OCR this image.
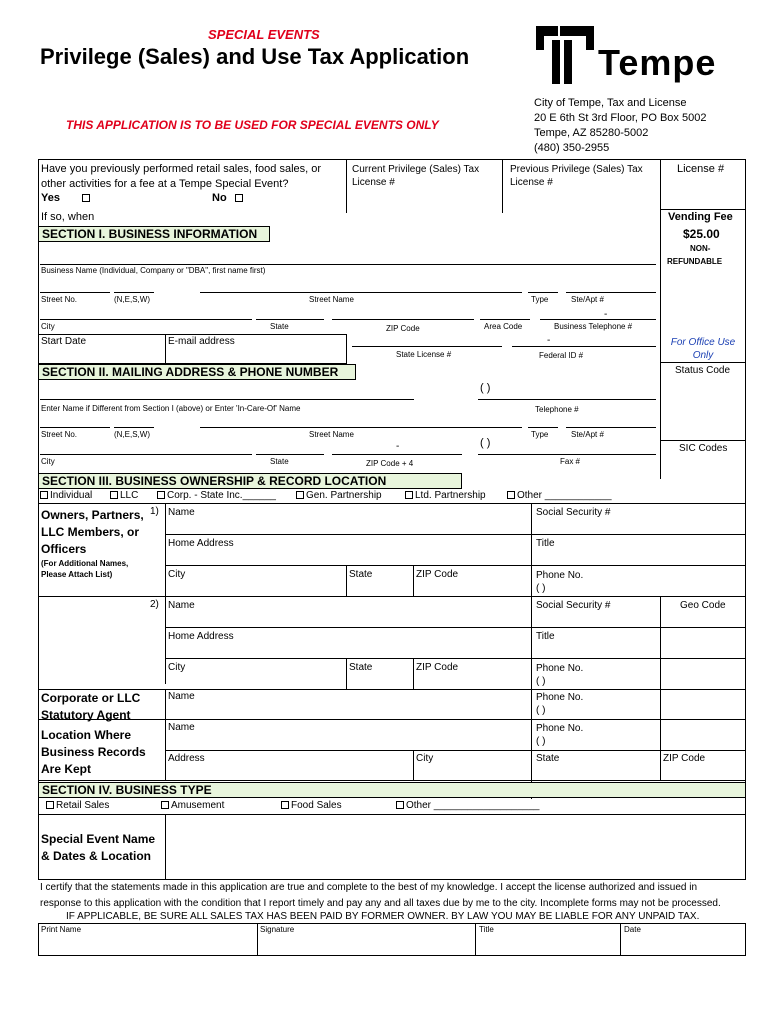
SPECIAL EVENTS
Privilege (Sales) and Use Tax Application
THIS APPLICATION IS TO BE USED FOR SPECIAL EVENTS ONLY
Tempe
City of Tempe, Tax and License
20 E 6th St 3rd Floor, PO Box 5002
Tempe, AZ 85280-5002
(480) 350-2955
Have you previously performed retail sales, food sales, or
other activities for a fee at a Tempe Special Event?
Yes	No
If so, when
Current Privilege (Sales) Tax
License #
Previous Privilege (Sales) Tax
License #
License #
Vending Fee
$25.00
NON-
REFUNDABLE
For Office Use
Only
Status Code
SIC Codes
SECTION I. BUSINESS INFORMATION
Business Name (Individual, Company or "DBA", first name first)
Street No.	(N,E,S,W)	Street Name	Type	Ste/Apt #
-
City	State	ZIP Code	Area Code	Business Telephone #
Start Date	E-mail address	-
State License #	Federal ID #
SECTION II. MAILING ADDRESS & PHONE NUMBER
( )
Enter Name if Different from Section I (above) or Enter 'In-Care-Of' Name	Telephone #
Street No.	(N,E,S,W)	Street Name	Type	Ste/Apt #
-	( )
City	State	ZIP Code + 4	Fax #
SECTION III. BUSINESS OWNERSHIP & RECORD LOCATION
Individual	LLC	Corp. - State Inc.______	Gen. Partnership	Ltd. Partnership	Other ____________
Owners, Partners,
LLC Members, or
Officers
(For Additional Names,
Please Attach List)
1) Name	Social Security #
Home Address	Title
City	State	ZIP Code	Phone No.
( )
2) Name	Social Security #	Geo Code
Home Address	Title
City	State	ZIP Code	Phone No.
( )
Corporate or LLC
Statutory Agent
Name	Phone No.
( )
Location Where
Business Records
Are Kept
Name	Phone No.
( )
Address	City	State	ZIP Code
SECTION IV. BUSINESS TYPE
Retail Sales	Amusement	Food Sales	Other ___________________
Special Event Name
& Dates & Location
I certify that the statements made in this application are true and complete to the best of my knowledge. I accept the license authorized and issued in
response to this application with the condition that I report timely and pay any and all taxes due by me to the city. Incomplete forms may not be processed.
IF APPLICABLE, BE SURE ALL SALES TAX HAS BEEN PAID BY FORMER OWNER. BY LAW YOU MAY BE LIABLE FOR ANY UNPAID TAX.
Print Name	Signature	Title	Date
